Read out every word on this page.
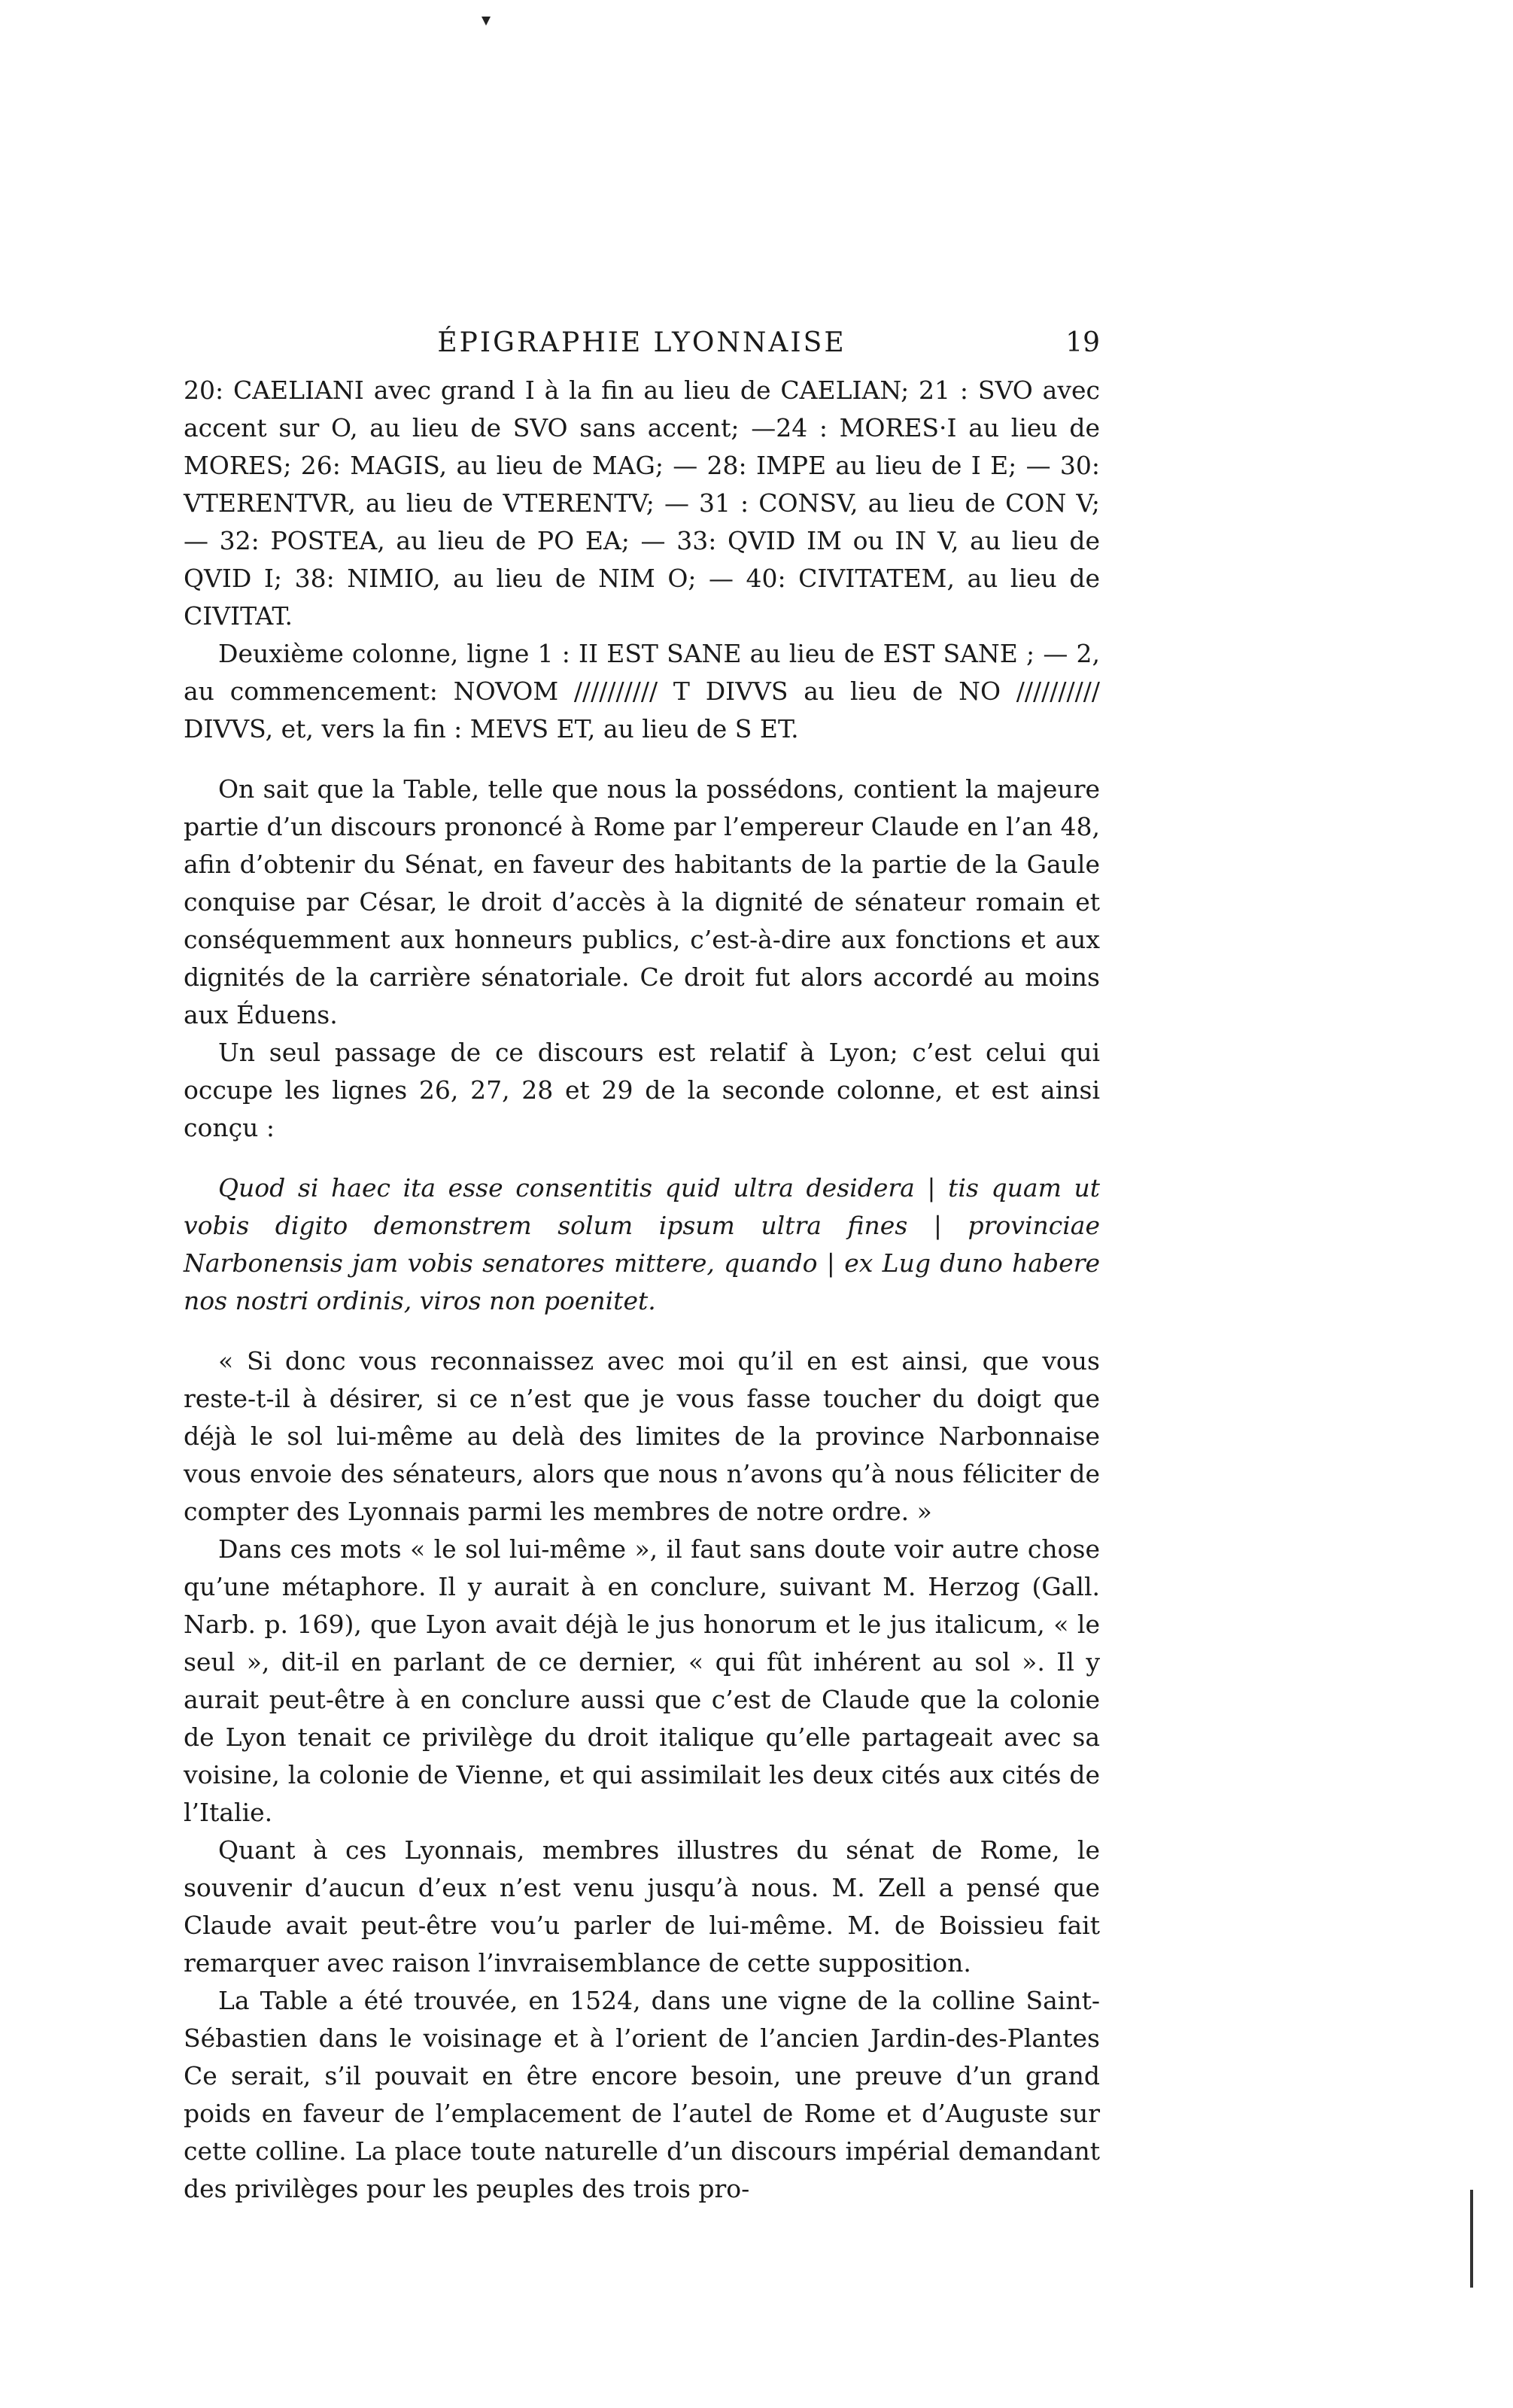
ÉPIGRAPHIE LYONNAISE	19

20: CAELIANI avec grand I à la fin au lieu de CAELIAN; 21 : SVO avec accent sur O, au lieu de SVO sans accent; —24 : MORES·I au lieu de MORES; 26: MAGIS, au lieu de MAG; — 28: IMPE au lieu de I E; — 30: VTERENTVR, au lieu de VTERENTV; — 31 : CONSV, au lieu de CON V; — 32: POSTEA, au lieu de PO EA; — 33: QVID IM ou IN V, au lieu de QVID I; 38: NIMIO, au lieu de NIM O; — 40: CIVITATEM, au lieu de CIVITAT.

Deuxième colonne, ligne 1 : II EST SANE au lieu de EST SANE ; — 2, au commencement: NOVOM ////////// T DIVVS au lieu de NO ////////// DIVVS, et, vers la fin : MEVS ET, au lieu de S ET.

On sait que la Table, telle que nous la possédons, contient la majeure partie d’un discours prononcé à Rome par l’empereur Claude en l’an 48, afin d’obtenir du Sénat, en faveur des habitants de la partie de la Gaule conquise par César, le droit d’accès à la dignité de sénateur romain et conséquemment aux honneurs publics, c’est-à-dire aux fonctions et aux dignités de la carrière sénatoriale. Ce droit fut alors accordé au moins aux Éduens.

Un seul passage de ce discours est relatif à Lyon; c’est celui qui occupe les lignes 26, 27, 28 et 29 de la seconde colonne, et est ainsi conçu :

Quod si haec ita esse consentitis quid ultra desidera | tis quam ut vobis digito demonstrem solum ipsum ultra fines | provinciae Narbonensis jam vobis senatores mittere, quando | ex Lug duno habere nos nostri ordinis, viros non poenitet.

« Si donc vous reconnaissez avec moi qu’il en est ainsi, que vous reste-t-il à désirer, si ce n’est que je vous fasse toucher du doigt que déjà le sol lui-même au delà des limites de la province Narbonnaise vous envoie des sénateurs, alors que nous n’avons qu’à nous féliciter de compter des Lyonnais parmi les membres de notre ordre. »

Dans ces mots « le sol lui-même », il faut sans doute voir autre chose qu’une métaphore. Il y aurait à en conclure, suivant M. Herzog (Gall. Narb. p. 169), que Lyon avait déjà le jus honorum et le jus italicum, « le seul », dit-il en parlant de ce dernier, « qui fût inhérent au sol ». Il y aurait peut-être à en conclure aussi que c’est de Claude que la colonie de Lyon tenait ce privilège du droit italique qu’elle partageait avec sa voisine, la colonie de Vienne, et qui assimilait les deux cités aux cités de l’Italie.

Quant à ces Lyonnais, membres illustres du sénat de Rome, le souvenir d’aucun d’eux n’est venu jusqu’à nous. M. Zell a pensé que Claude avait peut-être vou’u parler de lui-même. M. de Boissieu fait remarquer avec raison l’invraisemblance de cette supposition.

La Table a été trouvée, en 1524, dans une vigne de la colline Saint-Sébastien dans le voisinage et à l’orient de l’ancien Jardin-des-Plantes Ce serait, s’il pouvait en être encore besoin, une preuve d’un grand poids en faveur de l’emplacement de l’autel de Rome et d’Auguste sur cette colline. La place toute naturelle d’un discours impérial demandant des privilèges pour les peuples des trois pro-
